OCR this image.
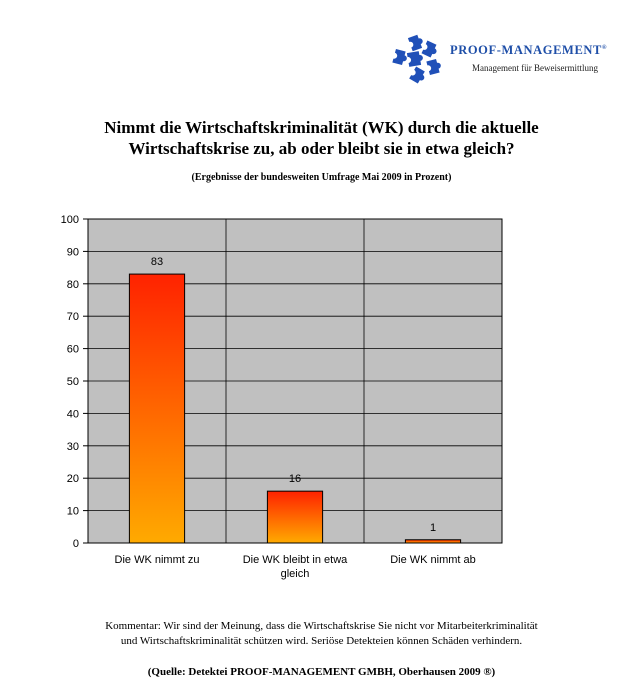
PROOF-MANAGEMENT®
Management für Beweisermittlung
Nimmt die Wirtschaftskriminalität (WK) durch die aktuelle
Wirtschaftskrise zu, ab oder bleibt sie in etwa gleich?
(Ergebnisse der bundesweiten Umfrage Mai 2009 in Prozent)
0
10
20
30
40
50
60
70
80
90
100
Die WK nimmt zu	Die WK bleibt in etwa
gleich
Die WK nimmt ab
83
16
1
Kommentar: Wir sind der Meinung, dass die Wirtschaftskrise Sie nicht vor Mitarbeiterkriminalität
und Wirtschaftskriminalität schützen wird. Seriöse Detekteien können Schäden verhindern.
(Quelle: Detektei PROOF-MANAGEMENT GMBH, Oberhausen 2009 ®)
